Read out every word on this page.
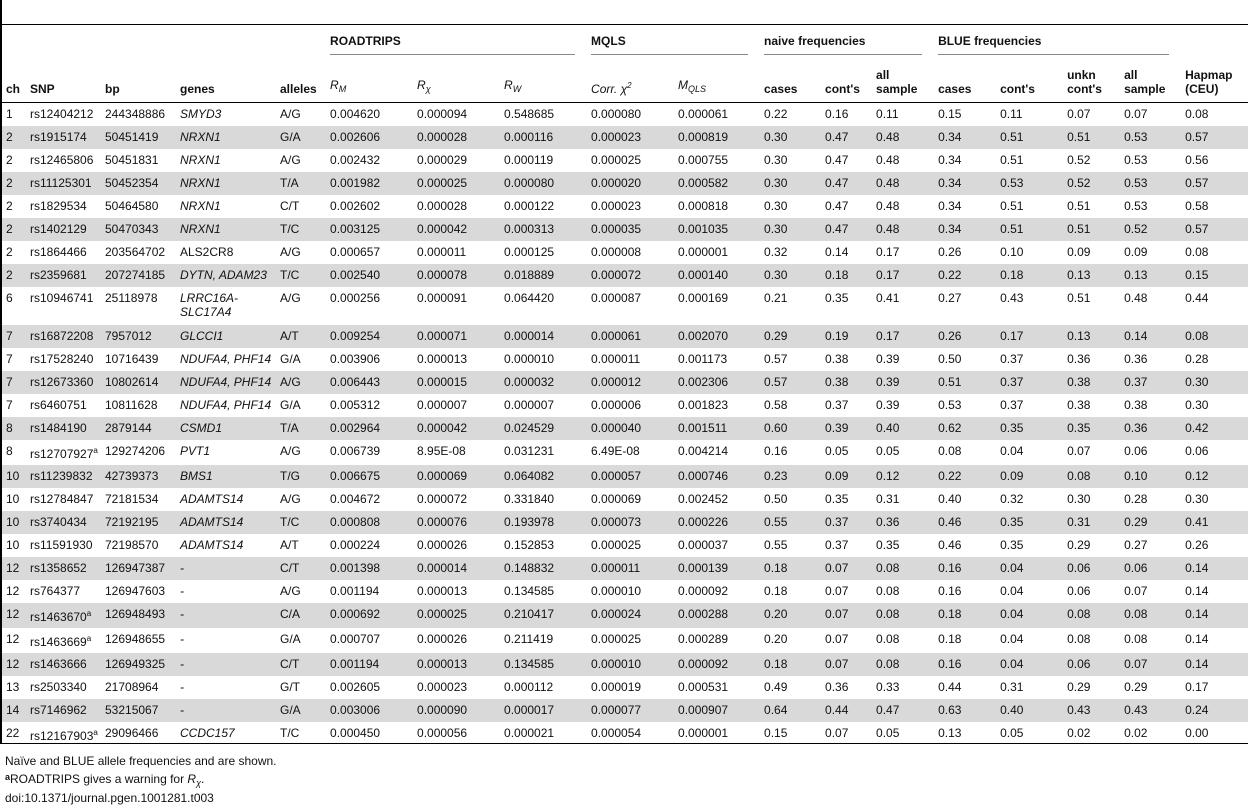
					ROADTRIPS			MQLS		naive frequencies			BLUE frequencies				

ch	SNP	bp	genes	alleles	$R_M$	$R_\chi$	$R_W$	Corr. $\chi^2$	$M_{QLS}$	cases	cont's	all sample	cases	cont's	unkn cont's	all sample	Hapmap (CEU)
1	rs12404212	244348886	SMYD3	A/G	0.004620	0.000094	0.548685	0.000080	0.000061	0.22	0.16	0.11	0.15	0.11	0.07	0.07	0.08
2	rs1915174	50451419	NRXN1	G/A	0.002606	0.000028	0.000116	0.000023	0.000819	0.30	0.47	0.48	0.34	0.51	0.51	0.53	0.57
2	rs12465806	50451831	NRXN1	A/G	0.002432	0.000029	0.000119	0.000025	0.000755	0.30	0.47	0.48	0.34	0.51	0.52	0.53	0.56
2	rs11125301	50452354	NRXN1	T/A	0.001982	0.000025	0.000080	0.000020	0.000582	0.30	0.47	0.48	0.34	0.53	0.52	0.53	0.57
2	rs1829534	50464580	NRXN1	C/T	0.002602	0.000028	0.000122	0.000023	0.000818	0.30	0.47	0.48	0.34	0.51	0.51	0.53	0.58
2	rs1402129	50470343	NRXN1	T/C	0.003125	0.000042	0.000313	0.000035	0.001035	0.30	0.47	0.48	0.34	0.51	0.51	0.52	0.57
2	rs1864466	203564702	ALS2CR8	A/G	0.000657	0.000011	0.000125	0.000008	0.000001	0.32	0.14	0.17	0.26	0.10	0.09	0.09	0.08
2	rs2359681	207274185	DYTN, ADAM23	T/C	0.002540	0.000078	0.018889	0.000072	0.000140	0.30	0.18	0.17	0.22	0.18	0.13	0.13	0.15
6	rs10946741	25118978	LRRC16A-SLC17A4	A/G	0.000256	0.000091	0.064420	0.000087	0.000169	0.21	0.35	0.41	0.27	0.43	0.51	0.48	0.44
7	rs16872208	7957012	GLCCI1	A/T	0.009254	0.000071	0.000014	0.000061	0.002070	0.29	0.19	0.17	0.26	0.17	0.13	0.14	0.08
7	rs17528240	10716439	NDUFA4, PHF14	G/A	0.003906	0.000013	0.000010	0.000011	0.001173	0.57	0.38	0.39	0.50	0.37	0.36	0.36	0.28
7	rs12673360	10802614	NDUFA4, PHF14	A/G	0.006443	0.000015	0.000032	0.000012	0.002306	0.57	0.38	0.39	0.51	0.37	0.38	0.37	0.30
7	rs6460751	10811628	NDUFA4, PHF14	G/A	0.005312	0.000007	0.000007	0.000006	0.001823	0.58	0.37	0.39	0.53	0.37	0.38	0.38	0.30
8	rs1484190	2879144	CSMD1	T/A	0.002964	0.000042	0.024529	0.000040	0.001511	0.60	0.39	0.40	0.62	0.35	0.35	0.36	0.42
8	rs12707927$^a$	129274206	PVT1	A/G	0.006739	8.95E-08	0.031231	6.49E-08	0.004214	0.16	0.05	0.05	0.08	0.04	0.07	0.06	0.06
10	rs11239832	42739373	BMS1	T/G	0.006675	0.000069	0.064082	0.000057	0.000746	0.23	0.09	0.12	0.22	0.09	0.08	0.10	0.12
10	rs12784847	72181534	ADAMTS14	A/G	0.004672	0.000072	0.331840	0.000069	0.002452	0.50	0.35	0.31	0.40	0.32	0.30	0.28	0.30
10	rs3740434	72192195	ADAMTS14	T/C	0.000808	0.000076	0.193978	0.000073	0.000226	0.55	0.37	0.36	0.46	0.35	0.31	0.29	0.41
10	rs11591930	72198570	ADAMTS14	A/T	0.000224	0.000026	0.152853	0.000025	0.000037	0.55	0.37	0.35	0.46	0.35	0.29	0.27	0.26
12	rs1358652	126947387	-	C/T	0.001398	0.000014	0.148832	0.000011	0.000139	0.18	0.07	0.08	0.16	0.04	0.06	0.06	0.14
12	rs764377	126947603	-	A/G	0.001194	0.000013	0.134585	0.000010	0.000092	0.18	0.07	0.08	0.16	0.04	0.06	0.07	0.14
12	rs1463670$^a$	126948493	-	C/A	0.000692	0.000025	0.210417	0.000024	0.000288	0.20	0.07	0.08	0.18	0.04	0.08	0.08	0.14
12	rs1463669$^a$	126948655	-	G/A	0.000707	0.000026	0.211419	0.000025	0.000289	0.20	0.07	0.08	0.18	0.04	0.08	0.08	0.14
12	rs1463666	126949325	-	C/T	0.001194	0.000013	0.134585	0.000010	0.000092	0.18	0.07	0.08	0.16	0.04	0.06	0.07	0.14
13	rs2503340	21708964	-	G/T	0.002605	0.000023	0.000112	0.000019	0.000531	0.49	0.36	0.33	0.44	0.31	0.29	0.29	0.17
14	rs7146962	53215067	-	G/A	0.003006	0.000090	0.000017	0.000077	0.000907	0.64	0.44	0.47	0.63	0.40	0.43	0.43	0.24
22	rs12167903$^a$	29096466	CCDC157	T/C	0.000450	0.000056	0.000021	0.000054	0.000001	0.15	0.07	0.05	0.13	0.05	0.02	0.02	0.00
Naïve and BLUE allele frequencies and are shown.
$^a$ROADTRIPS gives a warning for $R_\chi$.
doi:10.1371/journal.pgen.1001281.t003
